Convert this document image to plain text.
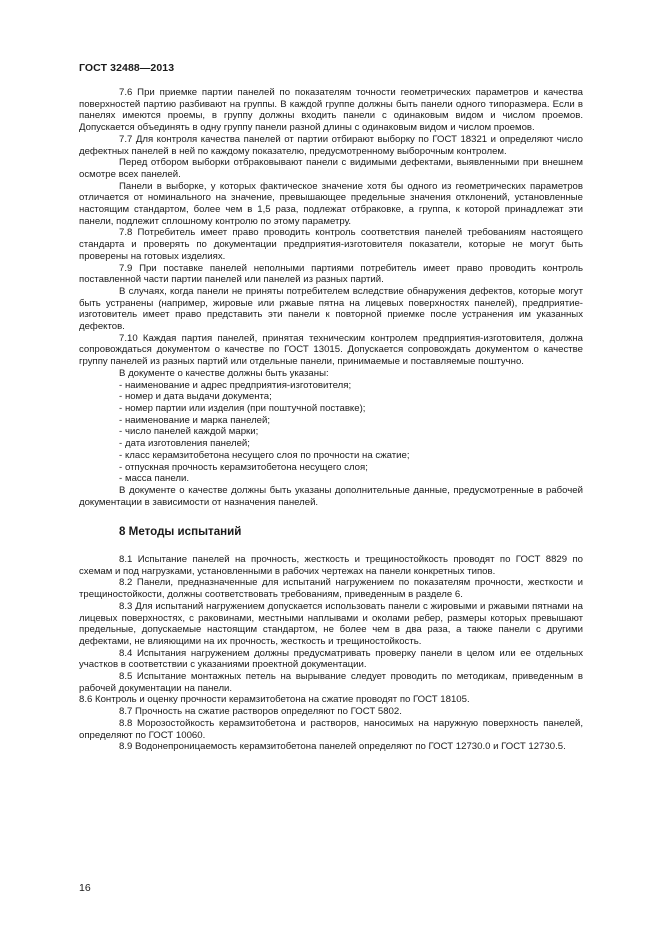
ГОСТ 32488—2013

7.6 При приемке партии панелей по показателям точности геометрических параметров и качества поверхностей партию разбивают на группы. В каждой группе должны быть панели одного типоразмера. Если в панелях имеются проемы, в группу должны входить панели с одинаковым видом и числом проемов. Допускается объединять в одну группу панели разной длины с одинаковым видом и числом проемов.

7.7 Для контроля качества панелей от партии отбирают выборку по ГОСТ 18321 и определяют число дефектных панелей в ней по каждому показателю, предусмотренному выборочным контролем.

Перед отбором выборки отбраковывают панели с видимыми дефектами, выявленными при внешнем осмотре всех панелей.

Панели в выборке, у которых фактическое значение хотя бы одного из геометрических параметров отличается от номинального на значение, превышающее предельные значения отклонений, установленные настоящим стандартом, более чем в 1,5 раза, подлежат отбраковке, а группа, к которой принадлежат эти панели, подлежит сплошному контролю по этому параметру.

7.8 Потребитель имеет право проводить контроль соответствия панелей требованиям настоящего стандарта и проверять по документации предприятия-изготовителя показатели, которые не могут быть проверены на готовых изделиях.

7.9 При поставке панелей неполными партиями потребитель имеет право проводить контроль поставленной части партии панелей или панелей из разных партий.

В случаях, когда панели не приняты потребителем вследствие обнаружения дефектов, которые могут быть устранены (например, жировые или ржавые пятна на лицевых поверхностях панелей), предприятие-изготовитель имеет право представить эти панели к повторной приемке после устранения им указанных дефектов.

7.10 Каждая партия панелей, принятая техническим контролем предприятия-изготовителя, должна сопровождаться документом о качестве по ГОСТ 13015. Допускается сопровождать документом о качестве группу панелей из разных партий или отдельные панели, принимаемые и поставляемые поштучно.

В документе о качестве должны быть указаны:

- наименование и адрес предприятия-изготовителя;

- номер и дата выдачи документа;

- номер партии или изделия (при поштучной поставке);

- наименование и марка панелей;

- число панелей каждой марки;

- дата изготовления панелей;

- класс керамзитобетона несущего слоя по прочности на сжатие;

- отпускная прочность керамзитобетона несущего слоя;

- масса панели.

В документе о качестве должны быть указаны дополнительные данные, предусмотренные в рабочей документации в зависимости от назначения панелей.

8 Методы испытаний

8.1 Испытание панелей на прочность, жесткость и трещиностойкость проводят по ГОСТ 8829 по схемам и под нагрузками, установленными в рабочих чертежах на панели конкретных типов.

8.2 Панели, предназначенные для испытаний нагружением по показателям прочности, жесткости и трещиностойкости, должны соответствовать требованиям, приведенным в разделе 6.

8.3 Для испытаний нагружением допускается использовать панели с жировыми и ржавыми пятнами на лицевых поверхностях, с раковинами, местными наплывами и околами ребер, размеры которых превышают предельные, допускаемые настоящим стандартом, не более чем в два раза, а также панели с другими дефектами, не влияющими на их прочность, жесткость и трещиностойкость.

8.4 Испытания нагружением должны предусматривать проверку панели в целом или ее отдельных участков в соответствии с указаниями проектной документации.

8.5 Испытание монтажных петель на вырывание следует проводить по методикам, приведенным в рабочей документации на панели.

8.6 Контроль и оценку прочности керамзитобетона на сжатие проводят по ГОСТ 18105.

8.7 Прочность на сжатие растворов определяют по ГОСТ 5802.

8.8 Морозостойкость керамзитобетона и растворов, наносимых на наружную поверхность панелей, определяют по ГОСТ 10060.

8.9 Водонепроницаемость керамзитобетона панелей определяют по ГОСТ 12730.0 и ГОСТ 12730.5.

16
